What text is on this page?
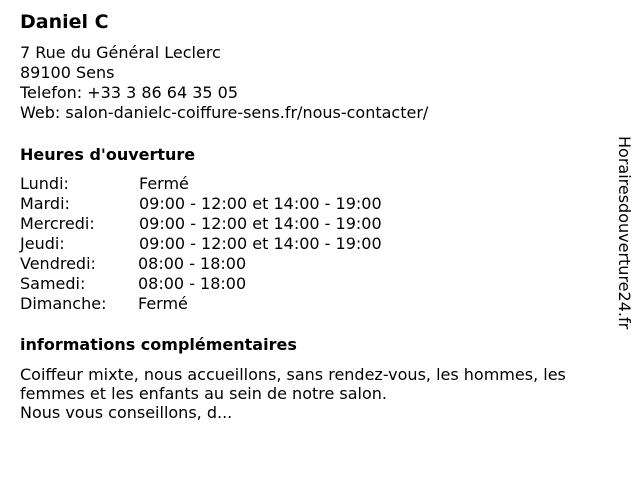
Daniel C
7 Rue du Général Leclerc
89100 Sens
Telefon: +33 3 86 64 35 05
Web: salon-danielc-coiffure-sens.fr/nous-contacter/
Heures d'ouverture
Lundi:	Fermé
Mardi:	09:00 - 12:00 et 14:00 - 19:00
Mercredi:	09:00 - 12:00 et 14:00 - 19:00
Jeudi:	09:00 - 12:00 et 14:00 - 19:00
Vendredi:	08:00 - 18:00
Samedi:	08:00 - 18:00
Dimanche: Fermé
informations complémentaires
Coiffeur mixte, nous accueillons, sans rendez-vous, les hommes, les
femmes et les enfants au sein de notre salon.
Nous vous conseillons, d...
Horairesdouverture24.fr
